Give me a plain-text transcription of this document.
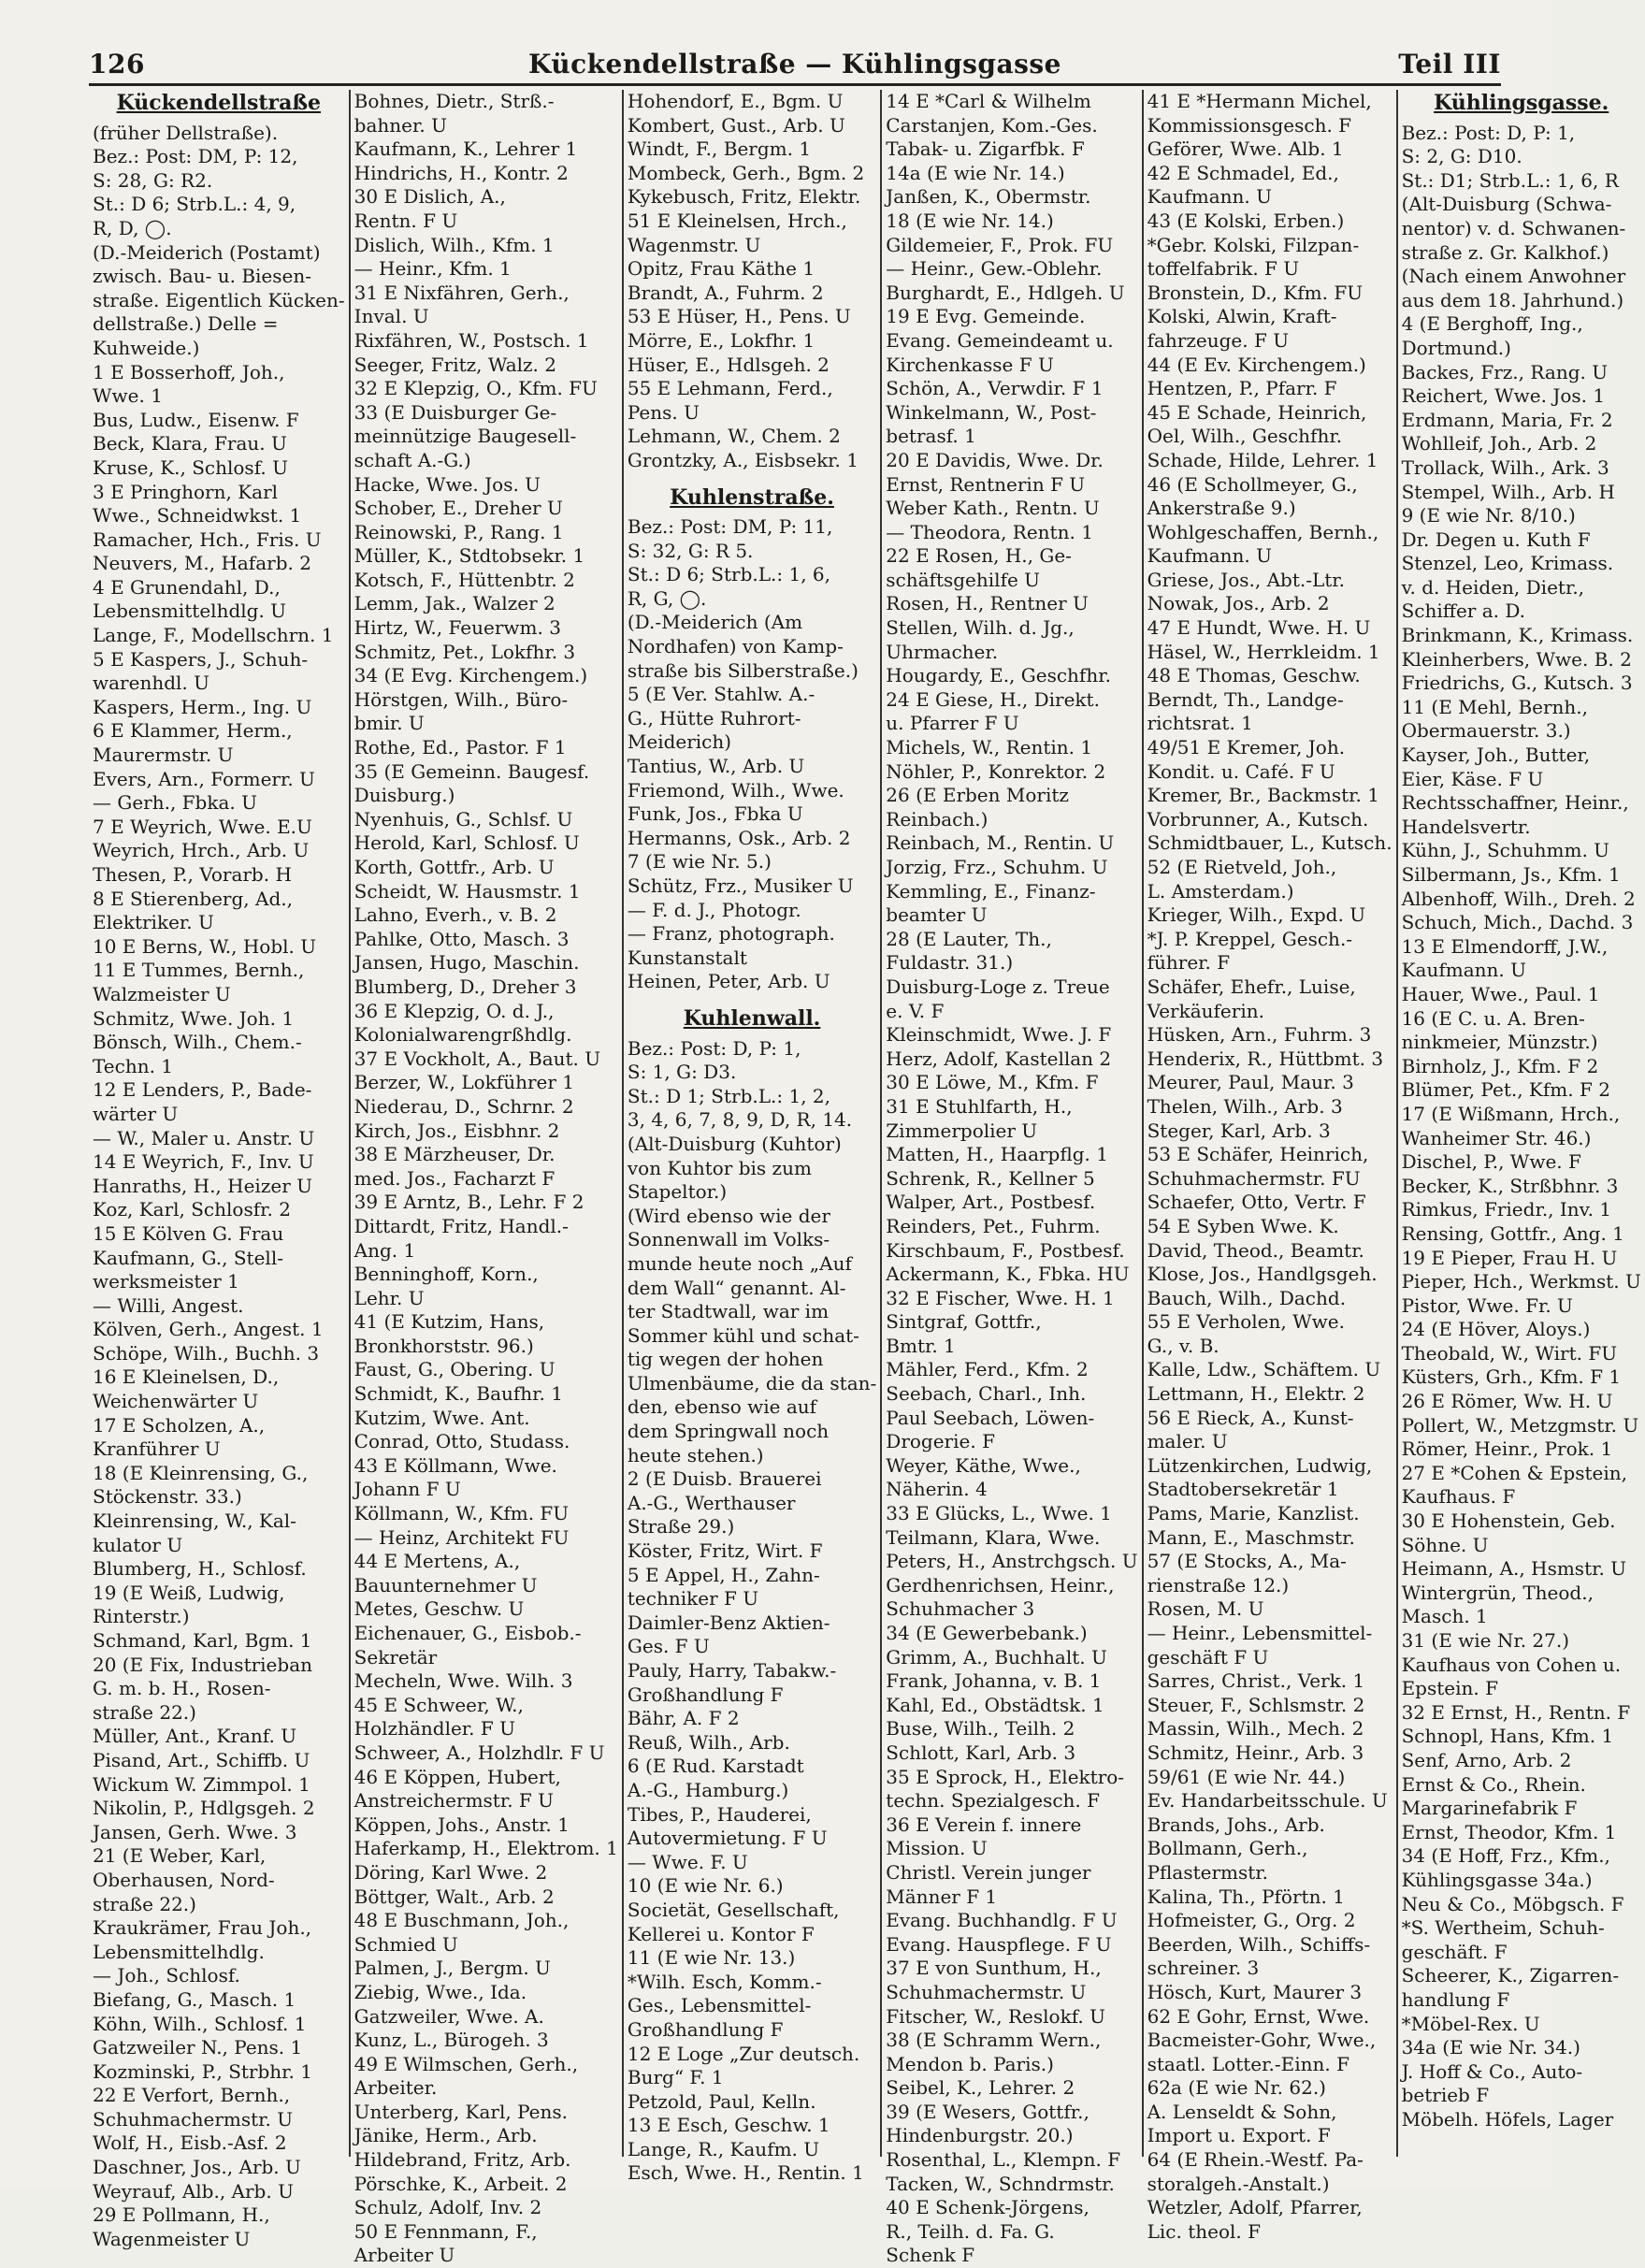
126	Kückendellstraße — Kühlingsgasse	Teil III

Kückendellstraße

(früher Dellstraße).

Bez.: Post: DM, P: 12,

S: 28, G: R2.

St.: D 6; Strb.L.: 4, 9,

R, D, ◯.

(D.-Meiderich (Postamt)

zwisch. Bau- u. Biesen-

straße. Eigentlich Kücken-

dellstraße.) Delle =

Kuhweide.)

1 E Bosserhoff, Joh.,

Wwe. 1

Bus, Ludw., Eisenw. F

Beck, Klara, Frau. U

Kruse, K., Schlosf. U

3 E Pringhorn, Karl

Wwe., Schneidwkst. 1

Ramacher, Hch., Fris. U

Neuvers, M., Hafarb. 2

4 E Grunendahl, D.,

Lebensmittelhdlg. U

Lange, F., Modellschrn. 1

5 E Kaspers, J., Schuh-

warenhdl. U

Kaspers, Herm., Ing. U

6 E Klammer, Herm.,

Maurermstr. U

Evers, Arn., Formerr. U

— Gerh., Fbka. U

7 E Weyrich, Wwe. E.U

Weyrich, Hrch., Arb. U

Thesen, P., Vorarb. H

8 E Stierenberg, Ad.,

Elektriker. U

10 E Berns, W., Hobl. U

11 E Tummes, Bernh.,

Walzmeister U

Schmitz, Wwe. Joh. 1

Bönsch, Wilh., Chem.-

Techn. 1

12 E Lenders, P., Bade-

wärter U

— W., Maler u. Anstr. U

14 E Weyrich, F., Inv. U

Hanraths, H., Heizer U

Koz, Karl, Schlosfr. 2

15 E Kölven G. Frau

Kaufmann, G., Stell-

werksmeister 1

— Willi, Angest.

Kölven, Gerh., Angest. 1

Schöpe, Wilh., Buchh. 3

16 E Kleinelsen, D.,

Weichenwärter U

17 E Scholzen, A.,

Kranführer U

18 (E Kleinrensing, G.,

Stöckenstr. 33.)

Kleinrensing, W., Kal-

kulator U

Blumberg, H., Schlosf.

19 (E Weiß, Ludwig,

Rinterstr.)

Schmand, Karl, Bgm. 1

20 (E Fix, Industrieban

G. m. b. H., Rosen-

straße 22.)

Müller, Ant., Kranf. U

Pisand, Art., Schiffb. U

Wickum W. Zimmpol. 1

Nikolin, P., Hdlgsgeh. 2

Jansen, Gerh. Wwe. 3

21 (E Weber, Karl,

Oberhausen, Nord-

straße 22.)

Kraukrämer, Frau Joh.,

Lebensmittelhdlg.

— Joh., Schlosf.

Biefang, G., Masch. 1

Köhn, Wilh., Schlosf. 1

Gatzweiler N., Pens. 1

Kozminski, P., Strbhr. 1

22 E Verfort, Bernh.,

Schuhmachermstr. U

Wolf, H., Eisb.-Asf. 2

Daschner, Jos., Arb. U

Weyrauf, Alb., Arb. U

29 E Pollmann, H.,

Wagenmeister U

Bohnes, Dietr., Strß.-

bahner. U

Kaufmann, K., Lehrer 1

Hindrichs, H., Kontr. 2

30 E Dislich, A.,

Rentn. F U

Dislich, Wilh., Kfm. 1

— Heinr., Kfm. 1

31 E Nixfähren, Gerh.,

Inval. U

Rixfähren, W., Postsch. 1

Seeger, Fritz, Walz. 2

32 E Klepzig, O., Kfm. FU

33 (E Duisburger Ge-

meinnützige Baugesell-

schaft A.-G.)

Hacke, Wwe. Jos. U

Schober, E., Dreher U

Reinowski, P., Rang. 1

Müller, K., Stdtobsekr. 1

Kotsch, F., Hüttenbtr. 2

Lemm, Jak., Walzer 2

Hirtz, W., Feuerwm. 3

Schmitz, Pet., Lokfhr. 3

34 (E Evg. Kirchengem.)

Hörstgen, Wilh., Büro-

bmir. U

Rothe, Ed., Pastor. F 1

35 (E Gemeinn. Baugesf.

Duisburg.)

Nyenhuis, G., Schlsf. U

Herold, Karl, Schlosf. U

Korth, Gottfr., Arb. U

Scheidt, W. Hausmstr. 1

Lahno, Everh., v. B. 2

Pahlke, Otto, Masch. 3

Jansen, Hugo, Maschin.

Blumberg, D., Dreher 3

36 E Klepzig, O. d. J.,

Kolonialwarengrßhdlg.

37 E Vockholt, A., Baut. U

Berzer, W., Lokführer 1

Niederau, D., Schrnr. 2

Kirch, Jos., Eisbhnr. 2

38 E Märzheuser, Dr.

med. Jos., Facharzt F

39 E Arntz, B., Lehr. F 2

Dittardt, Fritz, Handl.-

Ang. 1

Benninghoff, Korn.,

Lehr. U

41 (E Kutzim, Hans,

Bronkhorststr. 96.)

Faust, G., Obering. U

Schmidt, K., Baufhr. 1

Kutzim, Wwe. Ant.

Conrad, Otto, Studass.

43 E Köllmann, Wwe.

Johann F U

Köllmann, W., Kfm. FU

— Heinz, Architekt FU

44 E Mertens, A.,

Bauunternehmer U

Metes, Geschw. U

Eichenauer, G., Eisbob.-

Sekretär

Mecheln, Wwe. Wilh. 3

45 E Schweer, W.,

Holzhändler. F U

Schweer, A., Holzhdlr. F U

46 E Köppen, Hubert,

Anstreichermstr. F U

Köppen, Johs., Anstr. 1

Haferkamp, H., Elektrom. 1

Döring, Karl Wwe. 2

Böttger, Walt., Arb. 2

48 E Buschmann, Joh.,

Schmied U

Palmen, J., Bergm. U

Ziebig, Wwe., Ida.

Gatzweiler, Wwe. A.

Kunz, L., Bürogeh. 3

49 E Wilmschen, Gerh.,

Arbeiter.

Unterberg, Karl, Pens.

Jänike, Herm., Arb.

Hildebrand, Fritz, Arb.

Pörschke, K., Arbeit. 2

Schulz, Adolf, Inv. 2

50 E Fennmann, F.,

Arbeiter U

Hohendorf, E., Bgm. U

Kombert, Gust., Arb. U

Windt, F., Bergm. 1

Mombeck, Gerh., Bgm. 2

Kykebusch, Fritz, Elektr.

51 E Kleinelsen, Hrch.,

Wagenmstr. U

Opitz, Frau Käthe 1

Brandt, A., Fuhrm. 2

53 E Hüser, H., Pens. U

Mörre, E., Lokfhr. 1

Hüser, E., Hdlsgeh. 2

55 E Lehmann, Ferd.,

Pens. U

Lehmann, W., Chem. 2

Grontzky, A., Eisbsekr. 1

Kuhlenstraße.

Bez.: Post: DM, P: 11,

S: 32, G: R 5.

St.: D 6; Strb.L.: 1, 6,

R, G, ◯.

(D.-Meiderich (Am

Nordhafen) von Kamp-

straße bis Silberstraße.)

5 (E Ver. Stahlw. A.-

G., Hütte Ruhrort-

Meiderich)

Tantius, W., Arb. U

Friemond, Wilh., Wwe.

Funk, Jos., Fbka U

Hermanns, Osk., Arb. 2

7 (E wie Nr. 5.)

Schütz, Frz., Musiker U

— F. d. J., Photogr.

— Franz, photograph.

Kunstanstalt

Heinen, Peter, Arb. U

Kuhlenwall.

Bez.: Post: D, P: 1,

S: 1, G: D3.

St.: D 1; Strb.L.: 1, 2,

3, 4, 6, 7, 8, 9, D, R, 14.

(Alt-Duisburg (Kuhtor)

von Kuhtor bis zum

Stapeltor.)

(Wird ebenso wie der

Sonnenwall im Volks-

munde heute noch „Auf

dem Wall“ genannt. Al-

ter Stadtwall, war im

Sommer kühl und schat-

tig wegen der hohen

Ulmenbäume, die da stan-

den, ebenso wie auf

dem Springwall noch

heute stehen.)

2 (E Duisb. Brauerei

A.-G., Werthauser

Straße 29.)

Köster, Fritz, Wirt. F

5 E Appel, H., Zahn-

techniker F U

Daimler-Benz Aktien-

Ges. F U

Pauly, Harry, Tabakw.-

Großhandlung F

Bähr, A. F 2

Reuß, Wilh., Arb.

6 (E Rud. Karstadt

A.-G., Hamburg.)

Tibes, P., Hauderei,

Autovermietung. F U

— Wwe. F. U

10 (E wie Nr. 6.)

Societät, Gesellschaft,

Kellerei u. Kontor F

11 (E wie Nr. 13.)

*Wilh. Esch, Komm.-

Ges., Lebensmittel-

Großhandlung F

12 E Loge „Zur deutsch.

Burg“ F. 1

Petzold, Paul, Kelln.

13 E Esch, Geschw. 1

Lange, R., Kaufm. U

Esch, Wwe. H., Rentin. 1

14 E *Carl & Wilhelm

Carstanjen, Kom.-Ges.

Tabak- u. Zigarfbk. F

14a (E wie Nr. 14.)

Janßen, K., Obermstr.

18 (E wie Nr. 14.)

Gildemeier, F., Prok. FU

— Heinr., Gew.-Oblehr.

Burghardt, E., Hdlgeh. U

19 E Evg. Gemeinde.

Evang. Gemeindeamt u.

Kirchenkasse F U

Schön, A., Verwdir. F 1

Winkelmann, W., Post-

betrasf. 1

20 E Davidis, Wwe. Dr.

Ernst, Rentnerin F U

Weber Kath., Rentn. U

— Theodora, Rentn. 1

22 E Rosen, H., Ge-

schäftsgehilfe U

Rosen, H., Rentner U

Stellen, Wilh. d. Jg.,

Uhrmacher.

Hougardy, E., Geschfhr.

24 E Giese, H., Direkt.

u. Pfarrer F U

Michels, W., Rentin. 1

Nöhler, P., Konrektor. 2

26 (E Erben Moritz

Reinbach.)

Reinbach, M., Rentin. U

Jorzig, Frz., Schuhm. U

Kemmling, E., Finanz-

beamter U

28 (E Lauter, Th.,

Fuldastr. 31.)

Duisburg-Loge z. Treue

e. V. F

Kleinschmidt, Wwe. J. F

Herz, Adolf, Kastellan 2

30 E Löwe, M., Kfm. F

31 E Stuhlfarth, H.,

Zimmerpolier U

Matten, H., Haarpflg. 1

Schrenk, R., Kellner 5

Walper, Art., Postbesf.

Reinders, Pet., Fuhrm.

Kirschbaum, F., Postbesf.

Ackermann, K., Fbka. HU

32 E Fischer, Wwe. H. 1

Sintgraf, Gottfr.,

Bmtr. 1

Mähler, Ferd., Kfm. 2

Seebach, Charl., Inh.

Paul Seebach, Löwen-

Drogerie. F

Weyer, Käthe, Wwe.,

Näherin. 4

33 E Glücks, L., Wwe. 1

Teilmann, Klara, Wwe.

Peters, H., Anstrchgsch. U

Gerdhenrichsen, Heinr.,

Schuhmacher 3

34 (E Gewerbebank.)

Grimm, A., Buchhalt. U

Frank, Johanna, v. B. 1

Kahl, Ed., Obstädtsk. 1

Buse, Wilh., Teilh. 2

Schlott, Karl, Arb. 3

35 E Sprock, H., Elektro-

techn. Spezialgesch. F

36 E Verein f. innere

Mission. U

Christl. Verein junger

Männer F 1

Evang. Buchhandlg. F U

Evang. Hauspflege. F U

37 E von Sunthum, H.,

Schuhmachermstr. U

Fitscher, W., Reslokf. U

38 (E Schramm Wern.,

Mendon b. Paris.)

Seibel, K., Lehrer. 2

39 (E Wesers, Gottfr.,

Hindenburgstr. 20.)

Rosenthal, L., Klempn. F

Tacken, W., Schndrmstr.

40 E Schenk-Jörgens,

R., Teilh. d. Fa. G.

Schenk F

41 E *Hermann Michel,

Kommissionsgesch. F

Geförer, Wwe. Alb. 1

42 E Schmadel, Ed.,

Kaufmann. U

43 (E Kolski, Erben.)

*Gebr. Kolski, Filzpan-

toffelfabrik. F U

Bronstein, D., Kfm. FU

Kolski, Alwin, Kraft-

fahrzeuge. F U

44 (E Ev. Kirchengem.)

Hentzen, P., Pfarr. F

45 E Schade, Heinrich,

Oel, Wilh., Geschfhr.

Schade, Hilde, Lehrer. 1

46 (E Schollmeyer, G.,

Ankerstraße 9.)

Wohlgeschaffen, Bernh.,

Kaufmann. U

Griese, Jos., Abt.-Ltr.

Nowak, Jos., Arb. 2

47 E Hundt, Wwe. H. U

Häsel, W., Herrkleidm. 1

48 E Thomas, Geschw.

Berndt, Th., Landge-

richtsrat. 1

49/51 E Kremer, Joh.

Kondit. u. Café. F U

Kremer, Br., Backmstr. 1

Vorbrunner, A., Kutsch.

Schmidtbauer, L., Kutsch.

52 (E Rietveld, Joh.,

L. Amsterdam.)

Krieger, Wilh., Expd. U

*J. P. Kreppel, Gesch.-

führer. F

Schäfer, Ehefr., Luise,

Verkäuferin.

Hüsken, Arn., Fuhrm. 3

Henderix, R., Hüttbmt. 3

Meurer, Paul, Maur. 3

Thelen, Wilh., Arb. 3

Steger, Karl, Arb. 3

53 E Schäfer, Heinrich,

Schuhmachermstr. FU

Schaefer, Otto, Vertr. F

54 E Syben Wwe. K.

David, Theod., Beamtr.

Klose, Jos., Handlgsgeh.

Bauch, Wilh., Dachd.

55 E Verholen, Wwe.

G., v. B.

Kalle, Ldw., Schäftem. U

Lettmann, H., Elektr. 2

56 E Rieck, A., Kunst-

maler. U

Lützenkirchen, Ludwig,

Stadtobersekretär 1

Pams, Marie, Kanzlist.

Mann, E., Maschmstr.

57 (E Stocks, A., Ma-

rienstraße 12.)

Rosen, M. U

— Heinr., Lebensmittel-

geschäft F U

Sarres, Christ., Verk. 1

Steuer, F., Schlsmstr. 2

Massin, Wilh., Mech. 2

Schmitz, Heinr., Arb. 3

59/61 (E wie Nr. 44.)

Ev. Handarbeitsschule. U

Brands, Johs., Arb.

Bollmann, Gerh.,

Pflastermstr.

Kalina, Th., Pförtn. 1

Hofmeister, G., Org. 2

Beerden, Wilh., Schiffs-

schreiner. 3

Hösch, Kurt, Maurer 3

62 E Gohr, Ernst, Wwe.

Bacmeister-Gohr, Wwe.,

staatl. Lotter.-Einn. F

62a (E wie Nr. 62.)

A. Lenseldt & Sohn,

Import u. Export. F

64 (E Rhein.-Westf. Pa-

storalgeh.-Anstalt.)

Wetzler, Adolf, Pfarrer,

Lic. theol. F

Kühlingsgasse.

Bez.: Post: D, P: 1,

S: 2, G: D10.

St.: D1; Strb.L.: 1, 6, R

(Alt-Duisburg (Schwa-

nentor) v. d. Schwanen-

straße z. Gr. Kalkhof.)

(Nach einem Anwohner

aus dem 18. Jahrhund.)

4 (E Berghoff, Ing.,

Dortmund.)

Backes, Frz., Rang. U

Reichert, Wwe. Jos. 1

Erdmann, Maria, Fr. 2

Wohlleif, Joh., Arb. 2

Trollack, Wilh., Ark. 3

Stempel, Wilh., Arb. H

9 (E wie Nr. 8/10.)

Dr. Degen u. Kuth F

Stenzel, Leo, Krimass.

v. d. Heiden, Dietr.,

Schiffer a. D.

Brinkmann, K., Krimass.

Kleinherbers, Wwe. B. 2

Friedrichs, G., Kutsch. 3

11 (E Mehl, Bernh.,

Obermauerstr. 3.)

Kayser, Joh., Butter,

Eier, Käse. F U

Rechtsschaffner, Heinr.,

Handelsvertr.

Kühn, J., Schuhmm. U

Silbermann, Js., Kfm. 1

Albenhoff, Wilh., Dreh. 2

Schuch, Mich., Dachd. 3

13 E Elmendorff, J.W.,

Kaufmann. U

Hauer, Wwe., Paul. 1

16 (E C. u. A. Bren-

ninkmeier, Münzstr.)

Birnholz, J., Kfm. F 2

Blümer, Pet., Kfm. F 2

17 (E Wißmann, Hrch.,

Wanheimer Str. 46.)

Dischel, P., Wwe. F

Becker, K., Strßbhnr. 3

Rimkus, Friedr., Inv. 1

Rensing, Gottfr., Ang. 1

19 E Pieper, Frau H. U

Pieper, Hch., Werkmst. U

Pistor, Wwe. Fr. U

24 (E Höver, Aloys.)

Theobald, W., Wirt. FU

Küsters, Grh., Kfm. F 1

26 E Römer, Ww. H. U

Pollert, W., Metzgmstr. U

Römer, Heinr., Prok. 1

27 E *Cohen & Epstein,

Kaufhaus. F

30 E Hohenstein, Geb.

Söhne. U

Heimann, A., Hsmstr. U

Wintergrün, Theod.,

Masch. 1

31 (E wie Nr. 27.)

Kaufhaus von Cohen u.

Epstein. F

32 E Ernst, H., Rentn. F

Schnopl, Hans, Kfm. 1

Senf, Arno, Arb. 2

Ernst & Co., Rhein.

Margarinefabrik F

Ernst, Theodor, Kfm. 1

34 (E Hoff, Frz., Kfm.,

Kühlingsgasse 34a.)

Neu & Co., Möbgsch. F

*S. Wertheim, Schuh-

geschäft. F

Scheerer, K., Zigarren-

handlung F

*Möbel-Rex. U

34a (E wie Nr. 34.)

J. Hoff & Co., Auto-

betrieb F

Möbelh. Höfels, Lager
